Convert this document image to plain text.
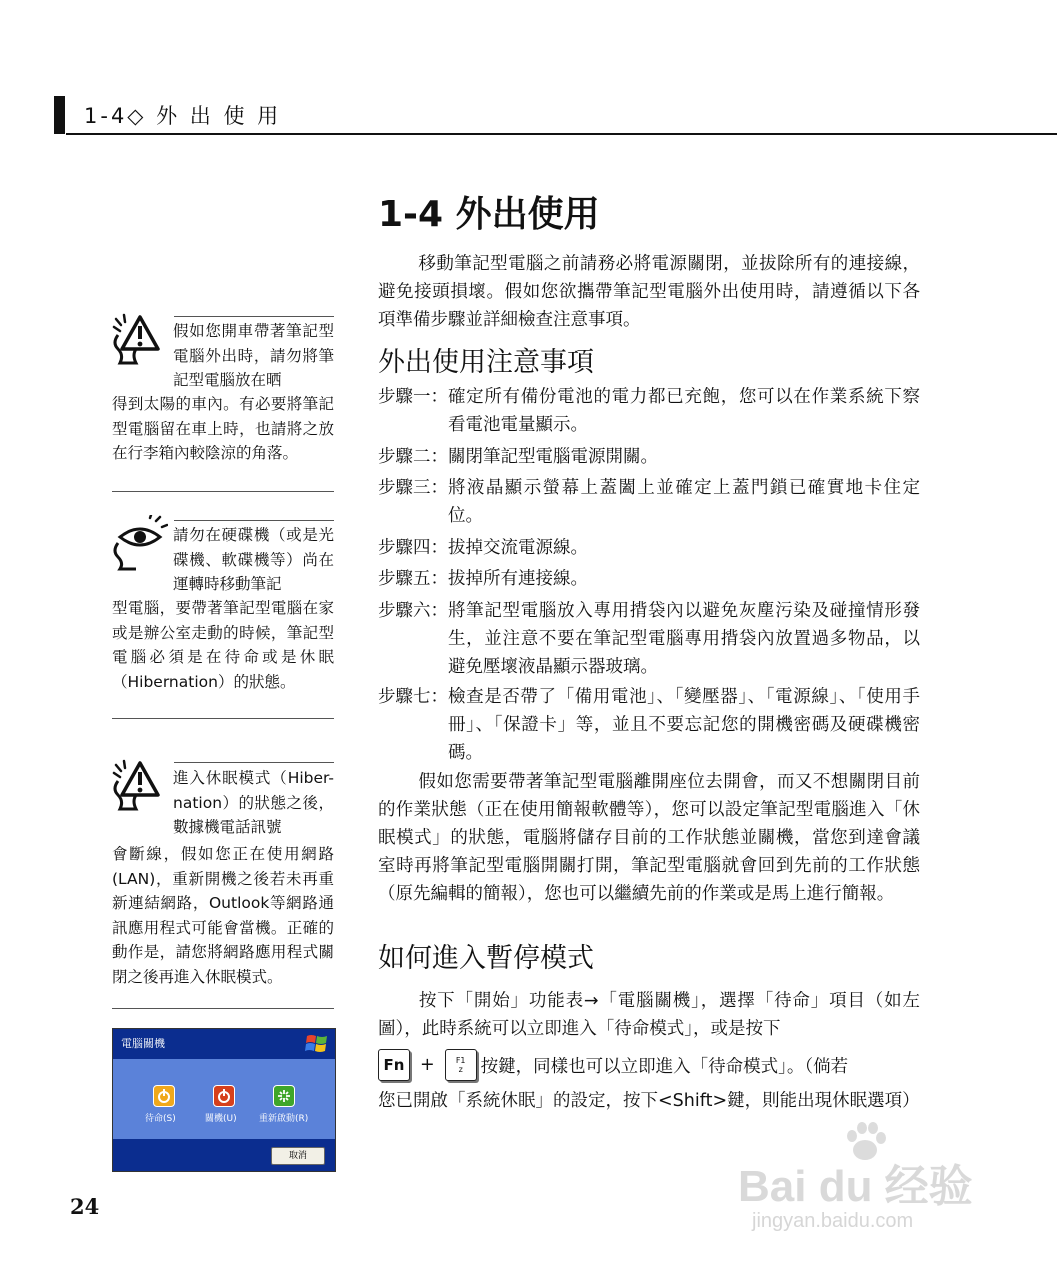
1-4◇ 外 出 使 用
1-4 外出使用
移動筆記型電腦之前請務必將電源關閉，並拔除所有的連接線，避免接頭損壞。假如您欲攜帶筆記型電腦外出使用時，請遵循以下各項準備步驟並詳細檢查注意事項。
外出使用注意事項
步驟一： 確定所有備份電池的電力都已充飽，您可以在作業系統下察看電池電量顯示。
步驟二： 關閉筆記型電腦電源開關。
步驟三： 將液晶顯示螢幕上蓋闔上並確定上蓋門鎖已確實地卡住定位。
步驟四： 拔掉交流電源線。
步驟五： 拔掉所有連接線。
步驟六： 將筆記型電腦放入專用揹袋內以避免灰塵污染及碰撞情形發生，並注意不要在筆記型電腦專用揹袋內放置過多物品，以避免壓壞液晶顯示器玻璃。
步驟七： 檢查是否帶了「備用電池」、「變壓器」、「電源線」、「使用手冊」、「保證卡」等，並且不要忘記您的開機密碼及硬碟機密碼。
假如您需要帶著筆記型電腦離開座位去開會，而又不想關閉目前的作業狀態（正在使用簡報軟體等），您可以設定筆記型電腦進入「休眠模式」的狀態，電腦將儲存目前的工作狀態並關機，當您到達會議室時再將筆記型電腦開關打開，筆記型電腦就會回到先前的工作狀態（原先編輯的簡報），您也可以繼續先前的作業或是馬上進行簡報。
如何進入暫停模式
按下「開始」功能表→「電腦關機」，選擇「待命」項目（如左圖），此時系統可以立即進入「待命模式」，或是按下
Fn +	F1
z 按鍵，同樣也可以立即進入「待命模式」。（倘若
您已開啟「系統休眠」的設定，按下<Shift>鍵，則能出現休眠選項）
假如您開車帶著筆記型電腦外出時，請勿將筆記型電腦放在晒
得到太陽的車內。有必要將筆記型電腦留在車上時，也請將之放在行李箱內較陰涼的角落。
請勿在硬碟機（或是光碟機、軟碟機等）尚在運轉時移動筆記
型電腦，要帶著筆記型電腦在家或是辦公室走動的時候，筆記型電腦必須是在待命或是休眠（Hibernation）的狀態。
進入休眠模式（Hiber-nation）的狀態之後，數據機電話訊號
會斷線，假如您正在使用網路(LAN)，重新開機之後若未再重新連結網路，Outlook等網路通訊應用程式可能會當機。正確的動作是，請您將網路應用程式關閉之後再進入休眠模式。
電腦關機
待命(S)	關機(U) 重新啟動(R)
取消
24	Bai du 经验
jingyan.baidu.com
